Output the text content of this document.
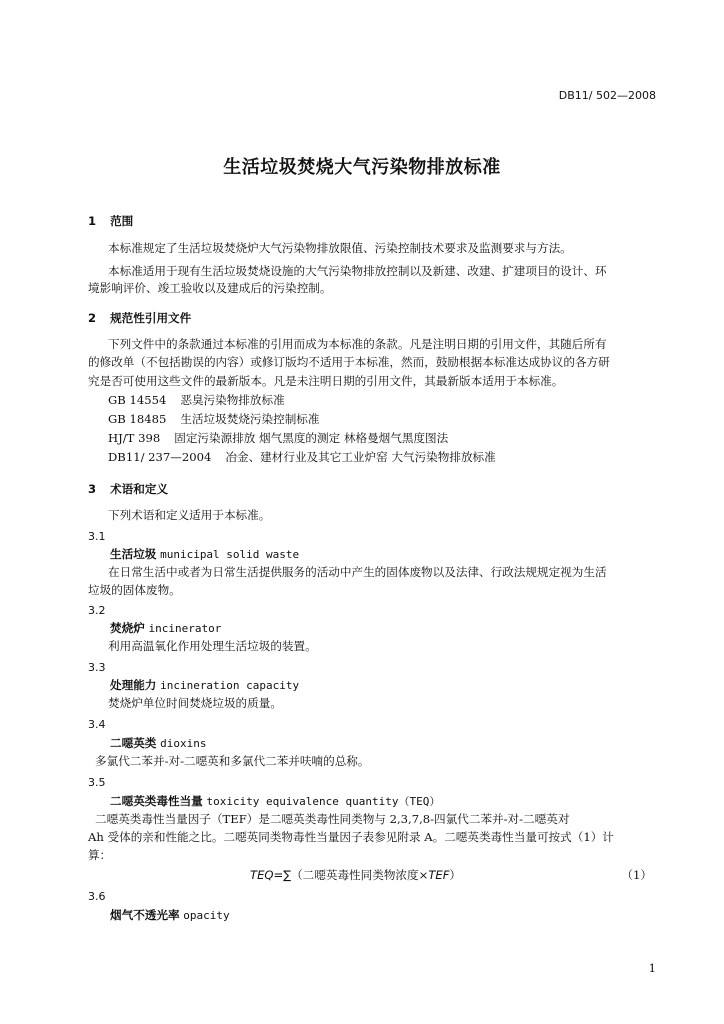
DB11/ 502—2008
生活垃圾焚烧大气污染物排放标准
1 范围
本标准规定了生活垃圾焚烧炉大气污染物排放限值、污染控制技术要求及监测要求与方法。
本标准适用于现有生活垃圾焚烧设施的大气污染物排放控制以及新建、改建、扩建项目的设计、环
境影响评价、竣工验收以及建成后的污染控制。
2 规范性引用文件
下列文件中的条款通过本标准的引用而成为本标准的条款。凡是注明日期的引用文件，其随后所有
的修改单（不包括勘误的内容）或修订版均不适用于本标准，然而，鼓励根据本标准达成协议的各方研
究是否可使用这些文件的最新版本。凡是未注明日期的引用文件，其最新版本适用于本标准。
GB 14554 恶臭污染物排放标准
GB 18485 生活垃圾焚烧污染控制标准
HJ/T 398 固定污染源排放 烟气黑度的测定 林格曼烟气黑度图法
DB11/ 237—2004 冶金、建材行业及其它工业炉窑 大气污染物排放标准
3 术语和定义
下列术语和定义适用于本标准。
3.1
生活垃圾 municipal solid waste
在日常生活中或者为日常生活提供服务的活动中产生的固体废物以及法律、行政法规规定视为生活
垃圾的固体废物。
3.2
焚烧炉 incinerator
利用高温氧化作用处理生活垃圾的装置。
3.3
处理能力 incineration capacity
焚烧炉单位时间焚烧垃圾的质量。
3.4
二噁英类 dioxins
多氯代二苯并-对-二噁英和多氯代二苯并呋喃的总称。
3.5
二噁英类毒性当量 toxicity equivalence quantity（TEQ）
二噁英类毒性当量因子（TEF）是二噁英类毒性同类物与 2,3,7,8-四氯代二苯并-对-二噁英对
Ah 受体的亲和性能之比。二噁英同类物毒性当量因子表参见附录 A。二噁英类毒性当量可按式（1）计
算：
TEQ=∑（二噁英毒性同类物浓度×TEF）	（1）
3.6
烟气不透光率 opacity
1
